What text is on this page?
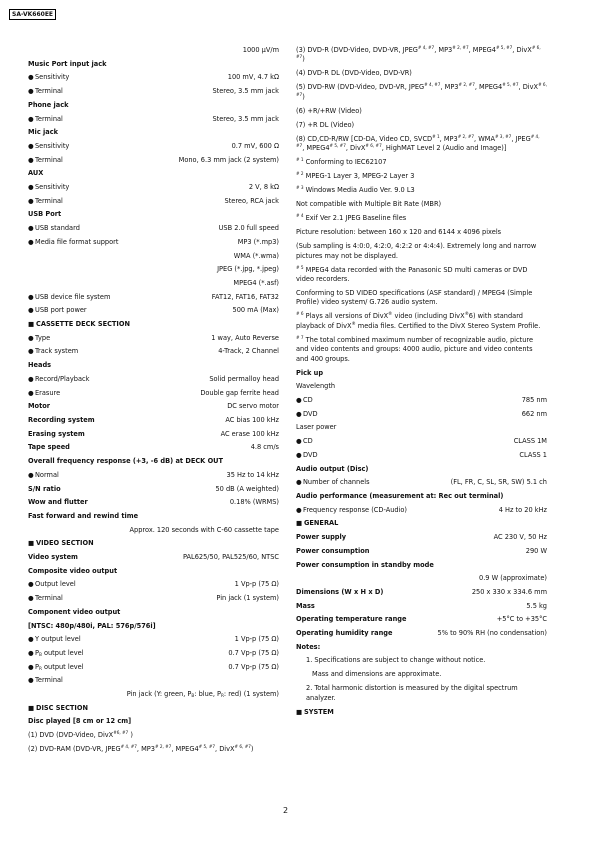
SA-VK660EE
1000 µV/m
Music Port input jack
● Sensitivity	100 mV, 4.7 kΩ
● Terminal	Stereo, 3.5 mm jack
Phone jack
● Terminal	Stereo, 3.5 mm jack
Mic jack
● Sensitivity	0.7 mV, 600 Ω
● Terminal	Mono, 6.3 mm jack (2 system)
AUX
● Sensitivity	2 V, 8 kΩ
● Terminal	Stereo, RCA jack
USB Port
● USB standard	USB 2.0 full speed
● Media file format support	MP3 (*.mp3)
WMA (*.wma)
JPEG (*.jpg, *.jpeg)
MPEG4 (*.asf)
● USB device file system	FAT12, FAT16, FAT32
● USB port power	500 mA (Max)
■ CASSETTE DECK SECTION
● Type	1 way, Auto Reverse
● Track system	4-Track, 2 Channel
Heads
● Record/Playback	Solid permalloy head
● Erasure	Double gap ferrite head
Motor	DC servo motor
Recording system	AC bias 100 kHz
Erasing system	AC erase 100 kHz
Tape speed	4.8 cm/s
Overall frequency response (+3, -6 dB) at DECK OUT
● Normal	35 Hz to 14 kHz
S/N ratio	50 dB (A weighted)
Wow and flutter	0.18% (WRMS)
Fast forward and rewind time
Approx. 120 seconds with C-60 cassette tape
■ VIDEO SECTION
Video system	PAL625/50, PAL525/60, NTSC
Composite video output
● Output level	1 Vp-p (75 Ω)
● Terminal	Pin jack (1 system)
Component video output
[NTSC: 480p/480i, PAL: 576p/576i]
● Y output level	1 Vp-p (75 Ω)
● $P_B$ output level	0.7 Vp-p (75 Ω)
● $P_R$ output level	0.7 Vp-p (75 Ω)
● Terminal
Pin jack (Y: green, $P_B$: blue, $P_R$: red) (1 system)
■ DISC SECTION
Disc played [8 cm or 12 cm]
(1) DVD (DVD-Video, DivX$^{\#6, \#7}$ )
(2) DVD-RAM (DVD-VR, $JPEG^{\# 4, \#7}$, $MP3^{\# 2, \#7}$, $MPEG4^{\# 5, \#7}$, DivX$^{\# 6, \#7}$)
(3) DVD-R (DVD-Video, DVD-VR, $JPEG^{\# 4, \#7}$, $MP3^{\# 2, \#7}$, $MPEG4^{\# 5, \#7}$, DivX$^{\# 6, \#7}$)
(4) DVD-R DL (DVD-Video, DVD-VR)
(5) DVD-RW (DVD-Video, DVD-VR, $JPEG^{\# 4, \#7}$, $MP3^{\# 2, \#7}$, $MPEG4^{\# 5, \#7}$, DivX$^{\# 6, \#7}$)
(6) +R/+RW (Video)
(7) +R DL (Video)
(8) CD,CD-R/RW [CD-DA, Video CD, SVCD$^{\# 1}$, $MP3^{\# 2, \#7}$, $WMA^{\# 3, \#7}$, $JPEG^{\# 4, \#7}$, $MPEG4^{\# 5, \#7}$, DivX$^{\# 6, \#7}$, HighMAT Level 2 (Audio and Image)]
$^{\# 1}$ Conforming to IEC62107
$^{\# 2}$ MPEG-1 Layer 3, MPEG-2 Layer 3
$^{\# 3}$ Windows Media Audio Ver. 9.0 L3
Not compatible with Multiple Bit Rate (MBR)
$^{\# 4}$ Exif Ver 2.1 JPEG Baseline files
Picture resolution: between 160 x 120 and 6144 x 4096 pixels
(Sub sampling is 4:0:0, 4:2:0, 4:2:2 or 4:4:4). Extremely long and narrow pictures may not be displayed.
$^{\# 5}$ MPEG4 data recorded with the Panasonic SD multi cameras or DVD video recorders.
Conforming to SD VIDEO specifications (ASF standard) / MPEG4 (Simple Profile) video system/ G.726 audio system.
$^{\# 6}$ Plays all versions of DivX® video (including DivX®6) with standard playback of DivX® media files. Certified to the DivX Stereo System Profile.
$^{\# 7}$ The total combined maximum number of recognizable audio, picture and video contents and groups: 4000 audio, picture and video contents and 400 groups.
Pick up
Wavelength
● CD	785 nm
● DVD	662 nm
Laser power
● CD	CLASS 1M
● DVD	CLASS 1
Audio output (Disc)
● Number of channels	(FL, FR, C, SL, SR, SW) 5.1 ch
Audio performance (measurement at: Rec out terminal)
● Frequency response (CD-Audio)	4 Hz to 20 kHz
■ GENERAL
Power supply	AC 230 V, 50 Hz
Power consumption	290 W
Power consumption in standby mode
0.9 W (approximate)
Dimensions (W x H x D)	250 x 330 x 334.6 mm
Mass	5.5 kg
Operating temperature range	+5°C to +35°C
Operating humidity range	5% to 90% RH (no condensation)
Notes:
1. Specifications are subject to change without notice.
Mass and dimensions are approximate.
2. Total harmonic distortion is measured by the digital spectrum analyzer.
■ SYSTEM
2
